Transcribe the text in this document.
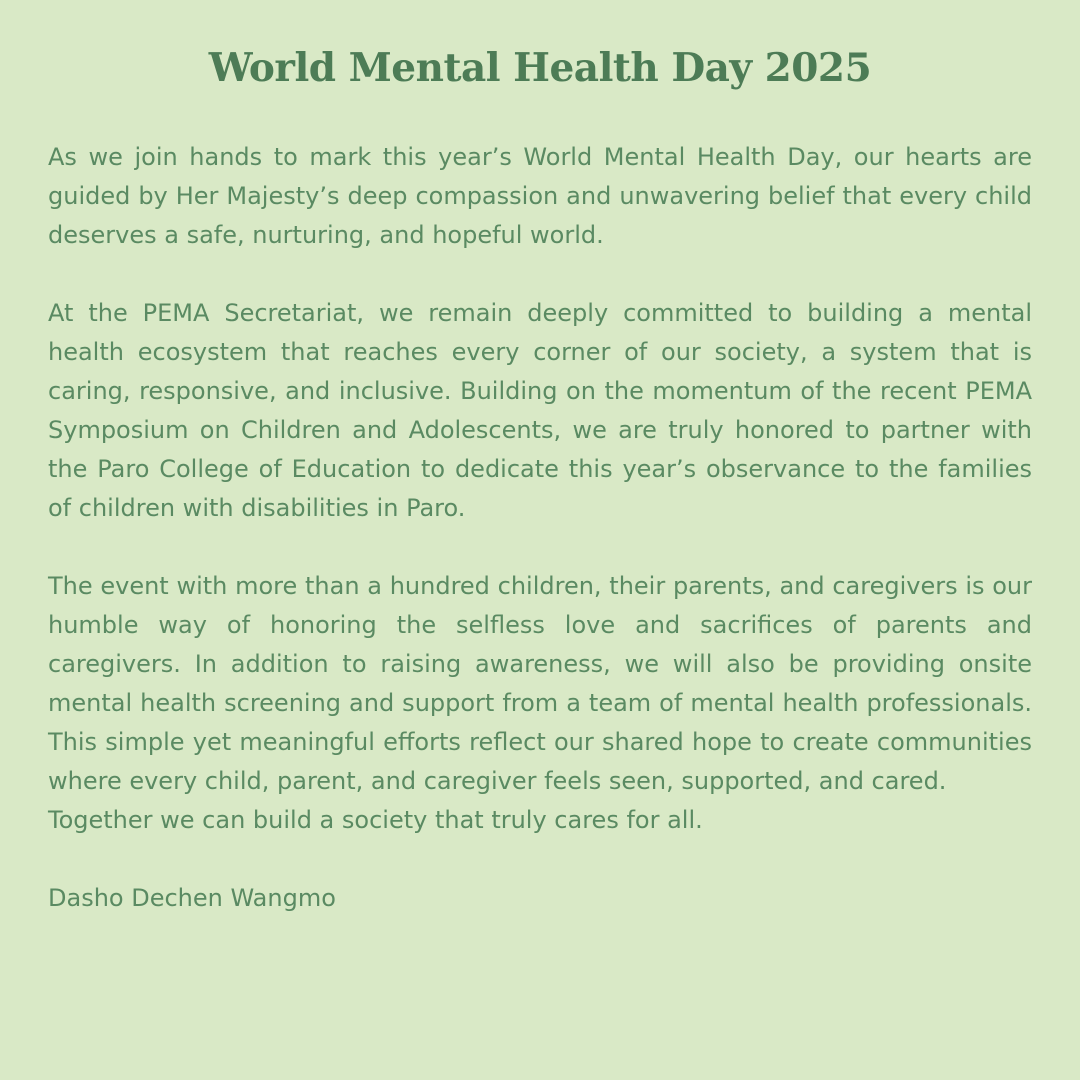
World Mental Health Day 2025

As we join hands to mark this year’s World Mental Health Day, our hearts are guided by Her Majesty’s deep compassion and unwavering belief that every child deserves a safe, nurturing, and hopeful world.

At the PEMA Secretariat, we remain deeply committed to building a mental health ecosystem that reaches every corner of our society, a system that is caring, responsive, and inclusive. Building on the momentum of the recent PEMA Symposium on Children and Adolescents, we are truly honored to partner with the Paro College of Education to dedicate this year’s observance to the families of children with disabilities in Paro.

The event with more than a hundred children, their parents, and caregivers is our humble way of honoring the selfless love and sacrifices of parents and caregivers. In addition to raising awareness, we will also be providing onsite mental health screening and support from a team of mental health professionals. This simple yet meaningful efforts reflect our shared hope to create communities where every child, parent, and caregiver feels seen, supported, and cared.

Together we can build a society that truly cares for all.

Dasho Dechen Wangmo
